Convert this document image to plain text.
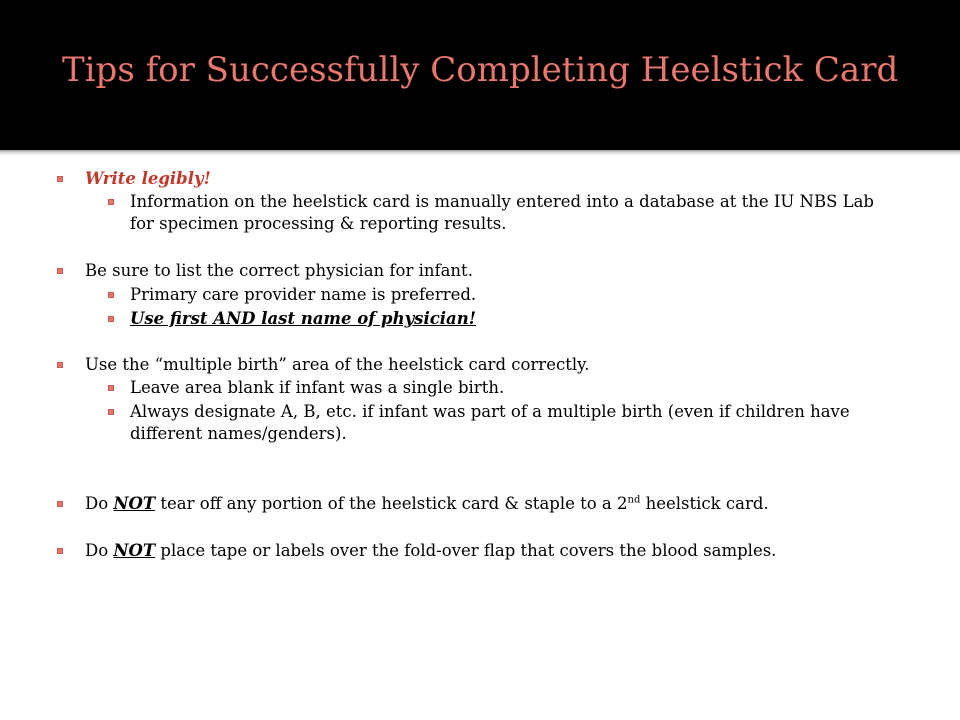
Tips for Successfully Completing Heelstick Card
Write legibly!
Information on the heelstick card is manually entered into a database at the IU NBS Lab for specimen processing & reporting results.
Be sure to list the correct physician for infant.
Primary care provider name is preferred.
Use first AND last name of physician!
Use the “multiple birth” area of the heelstick card correctly.
Leave area blank if infant was a single birth.
Always designate A, B, etc. if infant was part of a multiple birth (even if children have different names/genders).
Do NOT tear off any portion of the heelstick card & staple to a 2nd heelstick card.
Do NOT place tape or labels over the fold-over flap that covers the blood samples.
